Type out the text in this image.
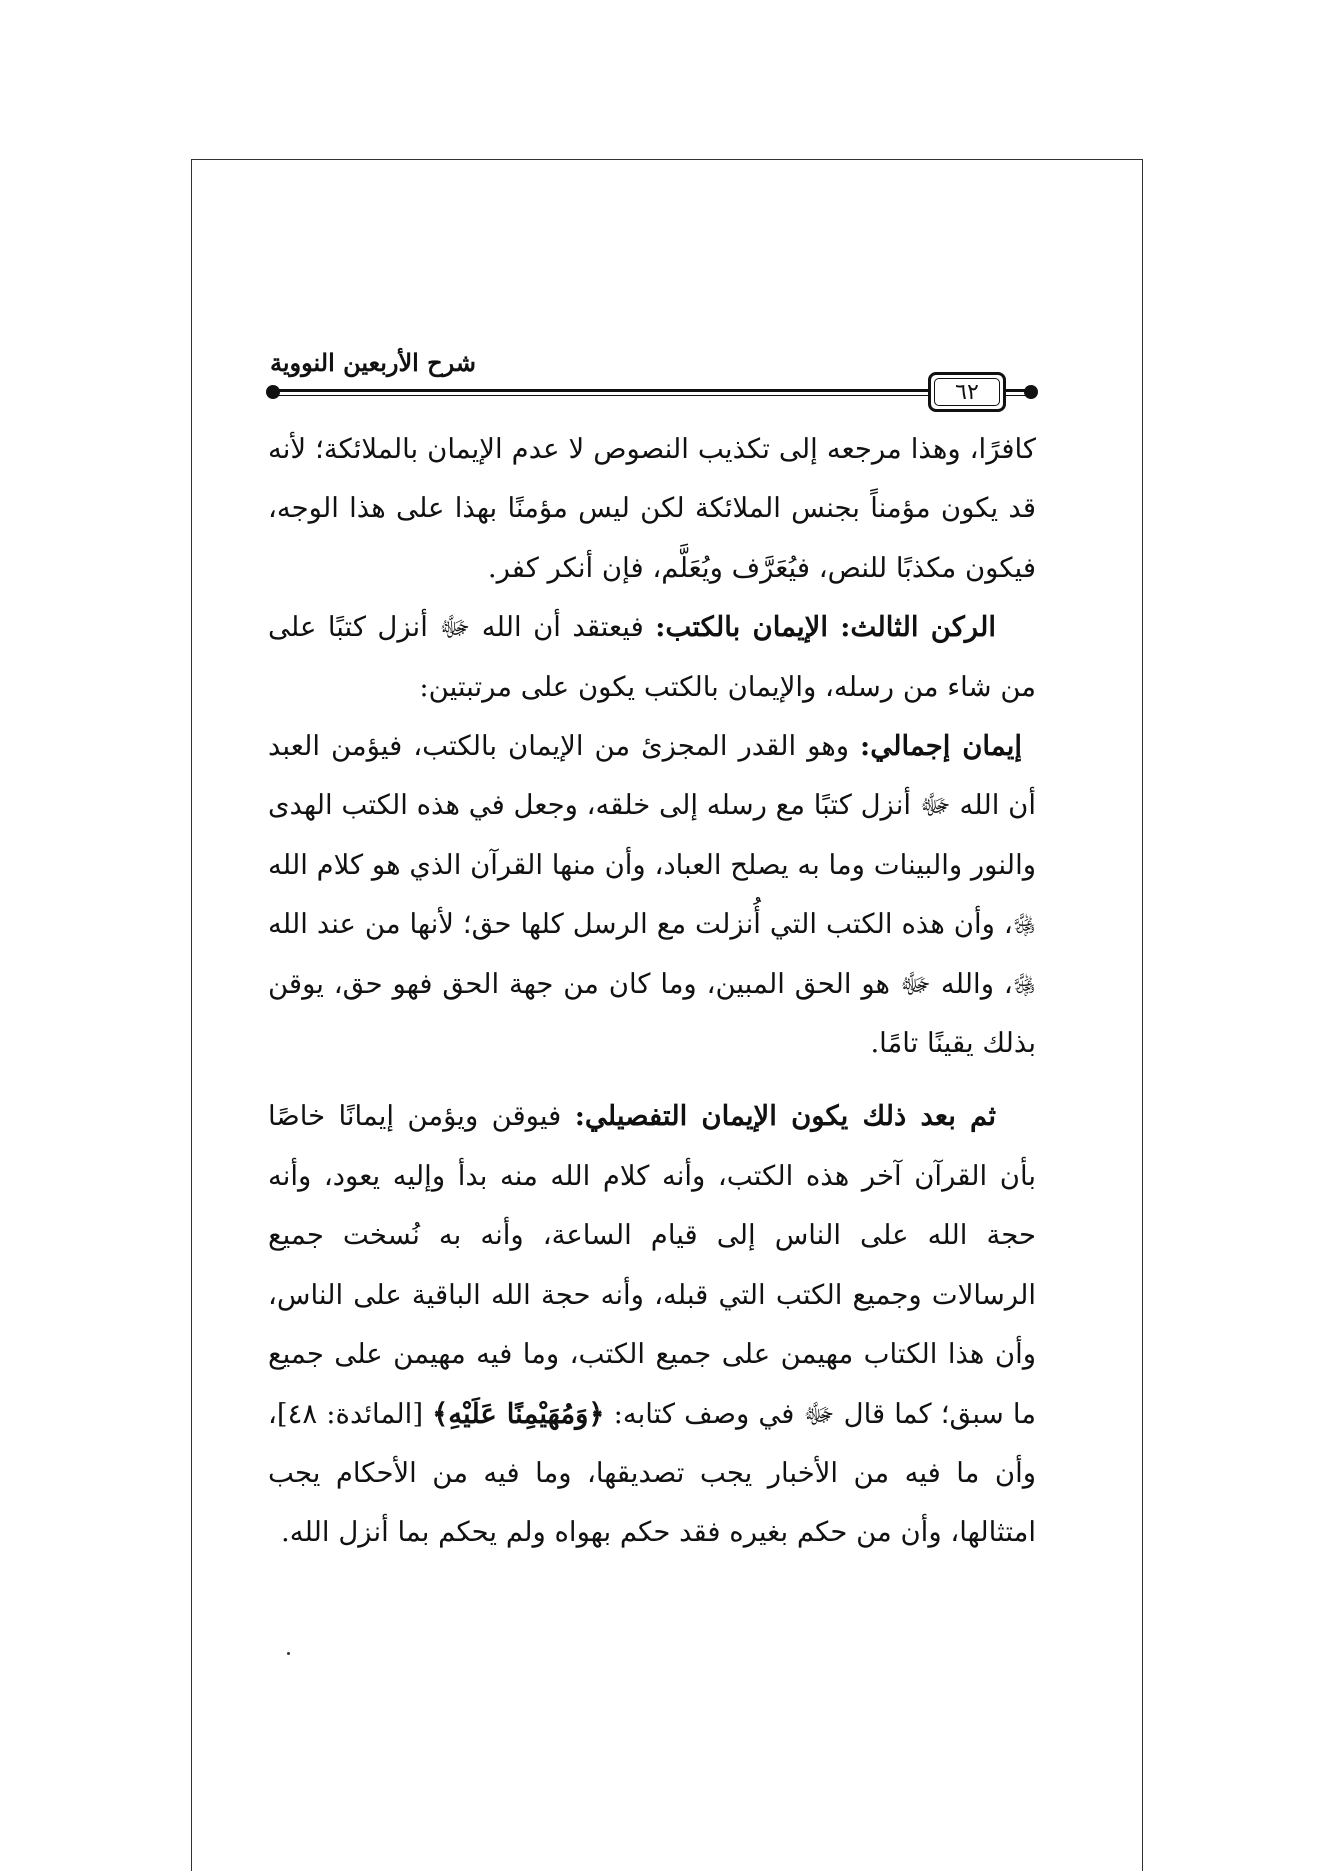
شرح الأربعين النووية
٦٢

كافرًا، وهذا مرجعه إلى تكذيب النصوص لا عدم الإيمان بالملائكة؛ لأنه قد يكون مؤمناً بجنس الملائكة لكن ليس مؤمنًا بهذا على هذا الوجه، فيكون مكذبًا للنص، فيُعَرَّف ويُعَلَّم، فإن أنكر كفر.

الركن الثالث: الإيمان بالكتب: فيعتقد أن الله ﷻ أنزل كتبًا على من شاء من رسله، والإيمان بالكتب يكون على مرتبتين:

إيمان إجمالي: وهو القدر المجزئ من الإيمان بالكتب، فيؤمن العبد أن الله ﷻ أنزل كتبًا مع رسله إلى خلقه، وجعل في هذه الكتب الهدى والنور والبينات وما به يصلح العباد، وأن منها القرآن الذي هو كلام الله ﷿، وأن هذه الكتب التي أُنزلت مع الرسل كلها حق؛ لأنها من عند الله ﷿، والله ﷻ هو الحق المبين، وما كان من جهة الحق فهو حق، يوقن بذلك يقينًا تامًا.

ثم بعد ذلك يكون الإيمان التفصيلي: فيوقن ويؤمن إيمانًا خاصًا بأن القرآن آخر هذه الكتب، وأنه كلام الله منه بدأ وإليه يعود، وأنه حجة الله على الناس إلى قيام الساعة، وأنه به نُسخت جميع الرسالات وجميع الكتب التي قبله، وأنه حجة الله الباقية على الناس، وأن هذا الكتاب مهيمن على جميع الكتب، وما فيه مهيمن على جميع ما سبق؛ كما قال ﷻ في وصف كتابه: ﴿وَمُهَيْمِنًا عَلَيْهِ﴾ [المائدة: ٤٨]، وأن ما فيه من الأخبار يجب تصديقها، وما فيه من الأحكام يجب امتثالها، وأن من حكم بغيره فقد حكم بهواه ولم يحكم بما أنزل الله.
